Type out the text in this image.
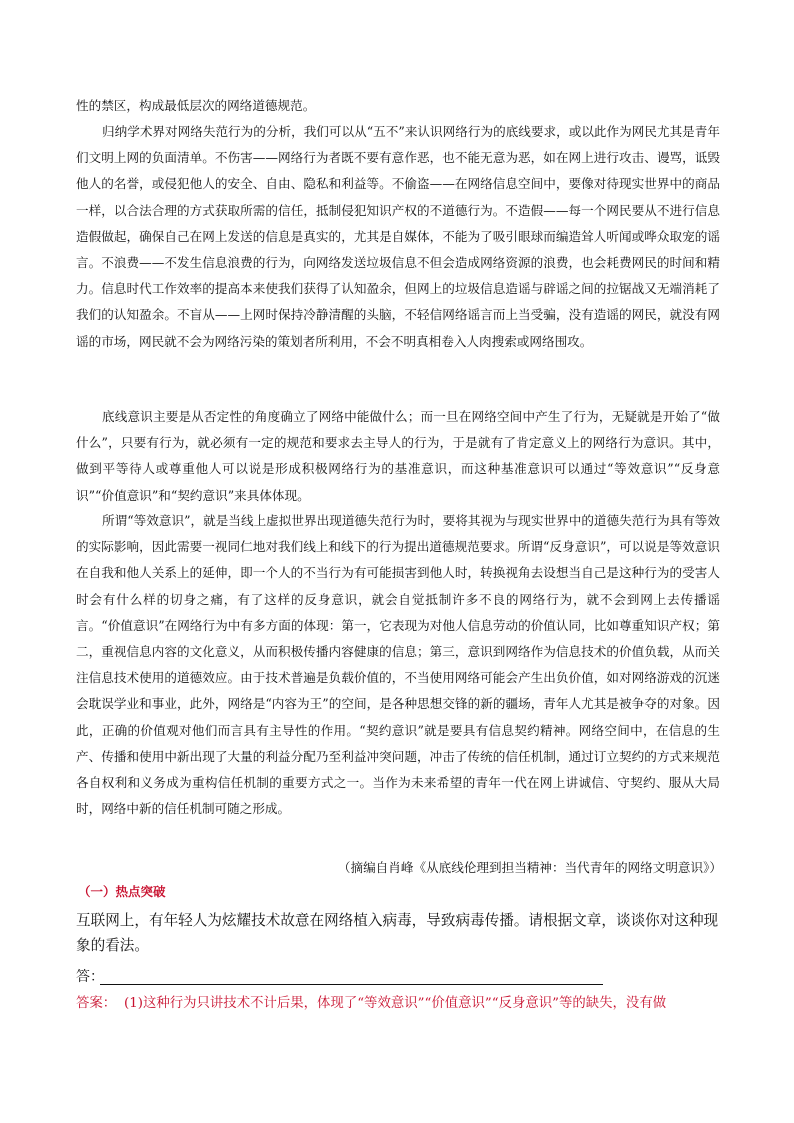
性的禁区，构成最低层次的网络道德规范。

归纳学术界对网络失范行为的分析，我们可以从“五不”来认识网络行为的底线要求，或以此作为网民尤其是青年们文明上网的负面清单。不伤害——网络行为者既不要有意作恶，也不能无意为恶，如在网上进行攻击、谩骂，诋毁他人的名誉，或侵犯他人的安全、自由、隐私和利益等。不偷盗——在网络信息空间中，要像对待现实世界中的商品一样，以合法合理的方式获取所需的信任，抵制侵犯知识产权的不道德行为。不造假——每一个网民要从不进行信息造假做起，确保自己在网上发送的信息是真实的，尤其是自媒体，不能为了吸引眼球而编造耸人听闻或哗众取宠的谣言。不浪费——不发生信息浪费的行为，向网络发送垃圾信息不但会造成网络资源的浪费，也会耗费网民的时间和精力。信息时代工作效率的提高本来使我们获得了认知盈余，但网上的垃圾信息造谣与辟谣之间的拉锯战又无端消耗了我们的认知盈余。不盲从——上网时保持冷静清醒的头脑，不轻信网络谣言而上当受骗，没有造谣的网民，就没有网谣的市场，网民就不会为网络污染的策划者所利用，不会不明真相卷入人肉搜索或网络围攻。

底线意识主要是从否定性的角度确立了网络中能做什么；而一旦在网络空间中产生了行为，无疑就是开始了“做什么”，只要有行为，就必须有一定的规范和要求去主导人的行为，于是就有了肯定意义上的网络行为意识。其中，做到平等待人或尊重他人可以说是形成积极网络行为的基准意识，而这种基准意识可以通过“等效意识”“反身意识”“价值意识”和“契约意识”来具体体现。

所谓“等效意识”，就是当线上虚拟世界出现道德失范行为时，要将其视为与现实世界中的道德失范行为具有等效的实际影响，因此需要一视同仁地对我们线上和线下的行为提出道德规范要求。所谓“反身意识”，可以说是等效意识在自我和他人关系上的延伸，即一个人的不当行为有可能损害到他人时，转换视角去设想当自己是这种行为的受害人时会有什么样的切身之痛，有了这样的反身意识，就会自觉抵制许多不良的网络行为，就不会到网上去传播谣言。“价值意识”在网络行为中有多方面的体现：第一，它表现为对他人信息劳动的价值认同，比如尊重知识产权；第二，重视信息内容的文化意义，从而积极传播内容健康的信息；第三，意识到网络作为信息技术的价值负载，从而关注信息技术使用的道德效应。由于技术普遍是负载价值的，不当使用网络可能会产生出负价值，如对网络游戏的沉迷会耽误学业和事业，此外，网络是“内容为王”的空间，是各种思想交锋的新的疆场，青年人尤其是被争夺的对象。因此，正确的价值观对他们而言具有主导性的作用。“契约意识”就是要具有信息契约精神。网络空间中，在信息的生产、传播和使用中新出现了大量的利益分配乃至利益冲突问题，冲击了传统的信任机制，通过订立契约的方式来规范各自权利和义务成为重构信任机制的重要方式之一。当作为未来希望的青年一代在网上讲诚信、守契约、服从大局时，网络中新的信任机制可随之形成。

（摘编自肖峰《从底线伦理到担当精神：当代青年的网络文明意识》）
（一）热点突破

互联网上，有年轻人为炫耀技术故意在网络植入病毒，导致病毒传播。请根据文章，谈谈你对这种现象的看法。

答：
答案： (1)这种行为只讲技术不计后果，体现了“等效意识”“价值意识”“反身意识”等的缺失，没有做
